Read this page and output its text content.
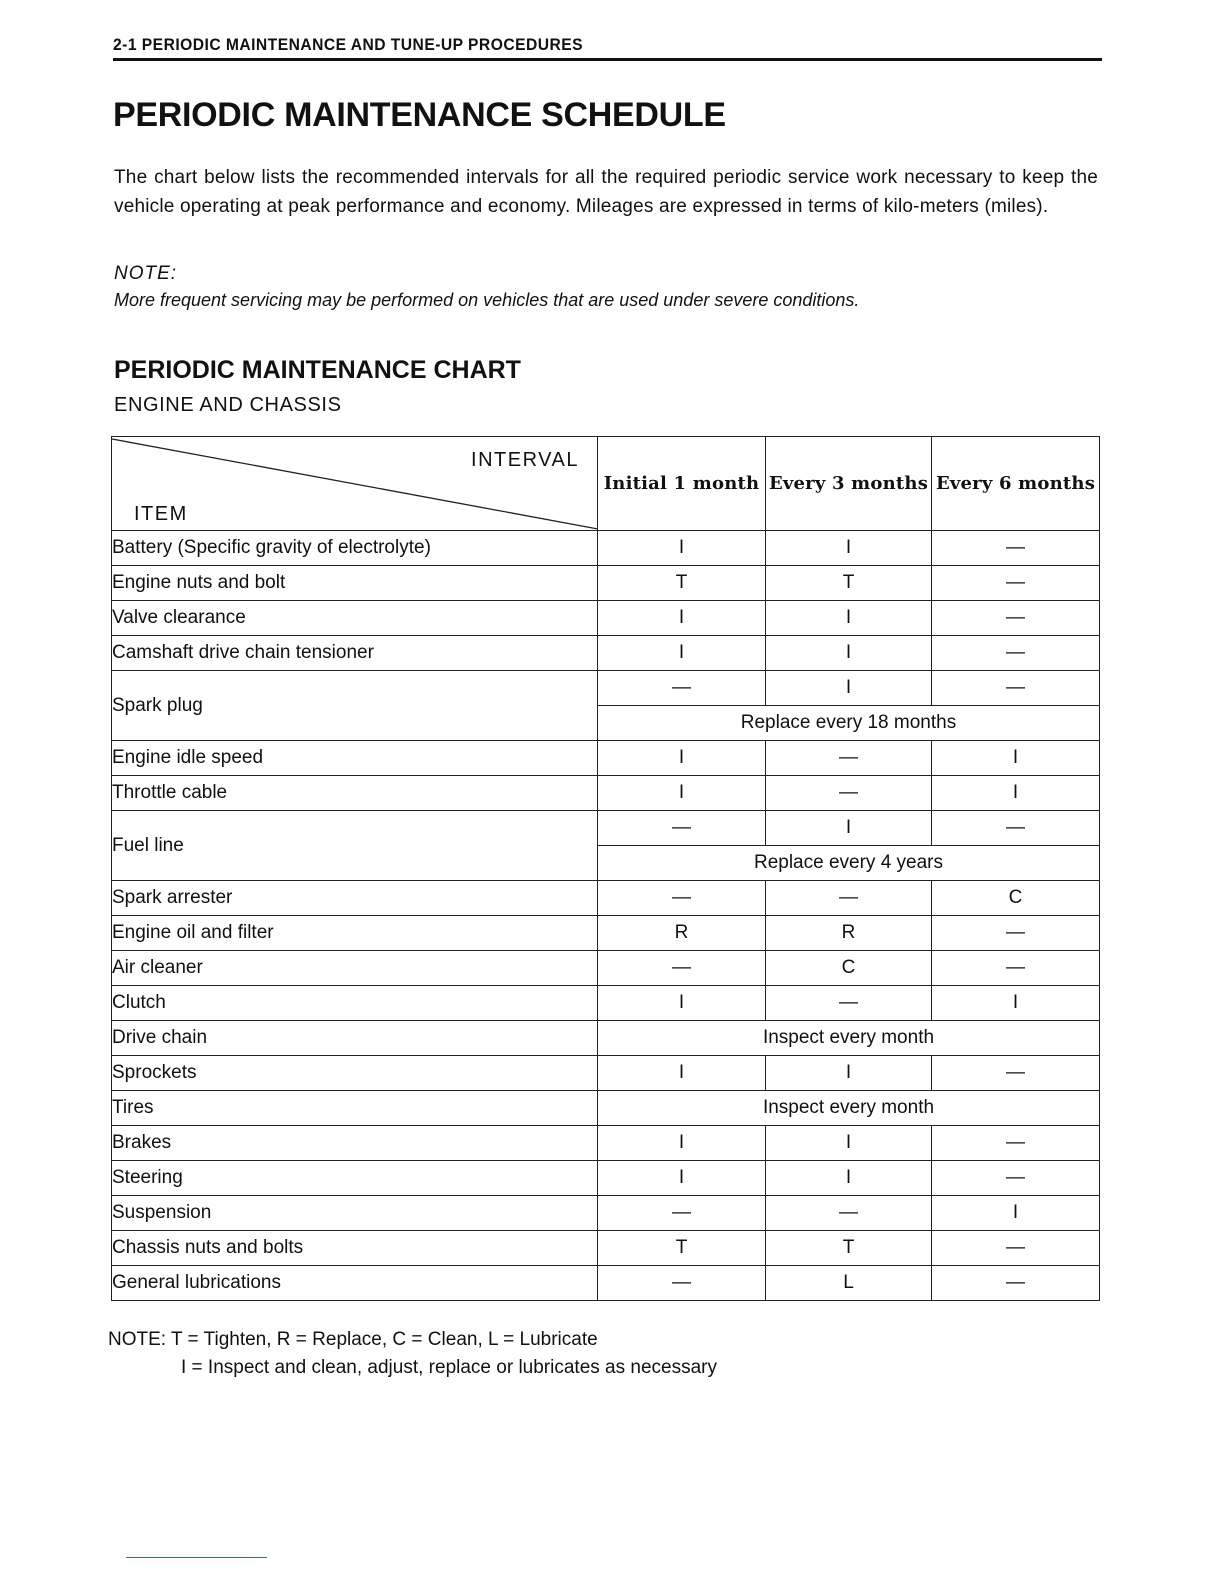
2-1 PERIODIC MAINTENANCE AND TUNE-UP PROCEDURES
PERIODIC MAINTENANCE SCHEDULE
The chart below lists the recommended intervals for all the required periodic service work necessary to keep the vehicle operating at peak performance and economy. Mileages are expressed in terms of kilo-meters (miles).
NOTE:
More frequent servicing may be performed on vehicles that are used under severe conditions.
PERIODIC MAINTENANCE CHART
ENGINE AND CHASSIS
INTERVAL
ITEM	Initial 1 month	Every 3 months	Every 6 months
Battery (Specific gravity of electrolyte)	I	I	—
Engine nuts and bolt	T	T	—
Valve clearance	I	I	—
Camshaft drive chain tensioner	I	I	—
Spark plug	—	I	—
	Replace every 18 months		
Engine idle speed	I	—	I
Throttle cable	I	—	I
Fuel line	—	I	—
	Replace every 4 years		
Spark arrester	—	—	C
Engine oil and filter	R	R	—
Air cleaner	—	C	—
Clutch	I	—	I
Drive chain	Inspect every month		
Sprockets	I	I	—
Tires	Inspect every month		
Brakes	I	I	—
Steering	I	I	—
Suspension	—	—	I
Chassis nuts and bolts	T	T	—
General lubrications	—	L	—
NOTE: T = Tighten, R = Replace, C = Clean, L = Lubricate
I = Inspect and clean, adjust, replace or lubricates as necessary
